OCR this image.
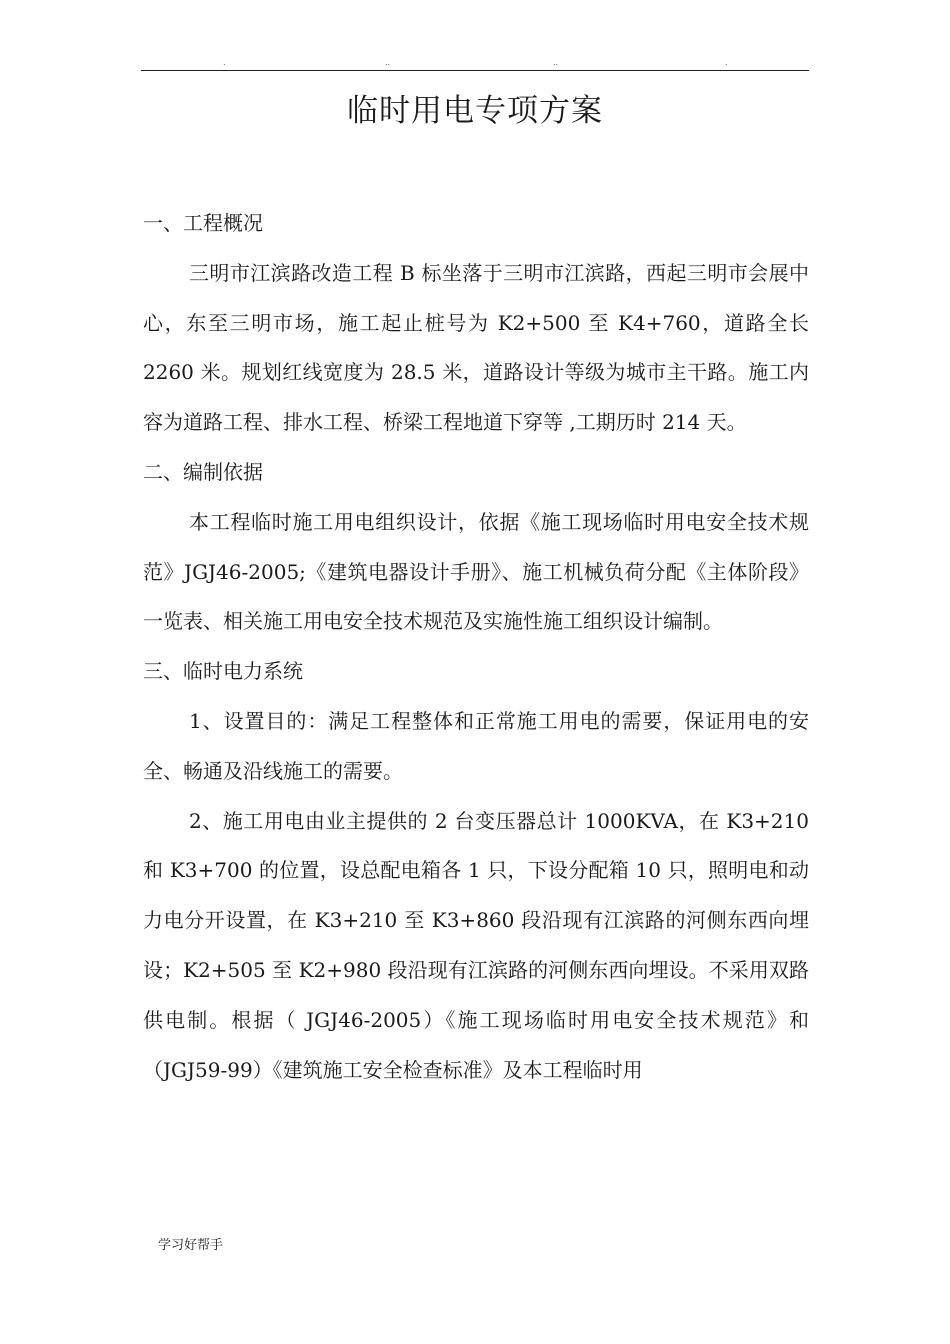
.	..	..	.
临时用电专项方案

一、工程概况

三明市江滨路改造工程 B 标坐落于三明市江滨路，西起三明市会展中心，东至三明市场，施工起止桩号为 K2+500 至 K4+760，道路全长 2260 米。规划红线宽度为 28.5 米，道路设计等级为城市主干路。施工内容为道路工程、排水工程、桥梁工程地道下穿等 ,工期历时 214 天。

二、编制依据

本工程临时施工用电组织设计，依据《施工现场临时用电安全技术规范》JGJ46-2005;《建筑电器设计手册》、施工机械负荷分配《主体阶段》一览表、相关施工用电安全技术规范及实施性施工组织设计编制。

三、临时电力系统

1、设置目的：满足工程整体和正常施工用电的需要，保证用电的安全、畅通及沿线施工的需要。

2、施工用电由业主提供的 2 台变压器总计 1000KVA，在 K3+210 和 K3+700 的位置，设总配电箱各 1 只，下设分配箱 10 只，照明电和动力电分开设置，在 K3+210 至 K3+860 段沿现有江滨路的河侧东西向埋设；K2+505 至 K2+980 段沿现有江滨路的河侧东西向埋设。不采用双路供电制。根据（ JGJ46-2005）《施工现场临时用电安全技术规范》和（JGJ59-99）《建筑施工安全检查标准》及本工程临时用

学习好帮手
